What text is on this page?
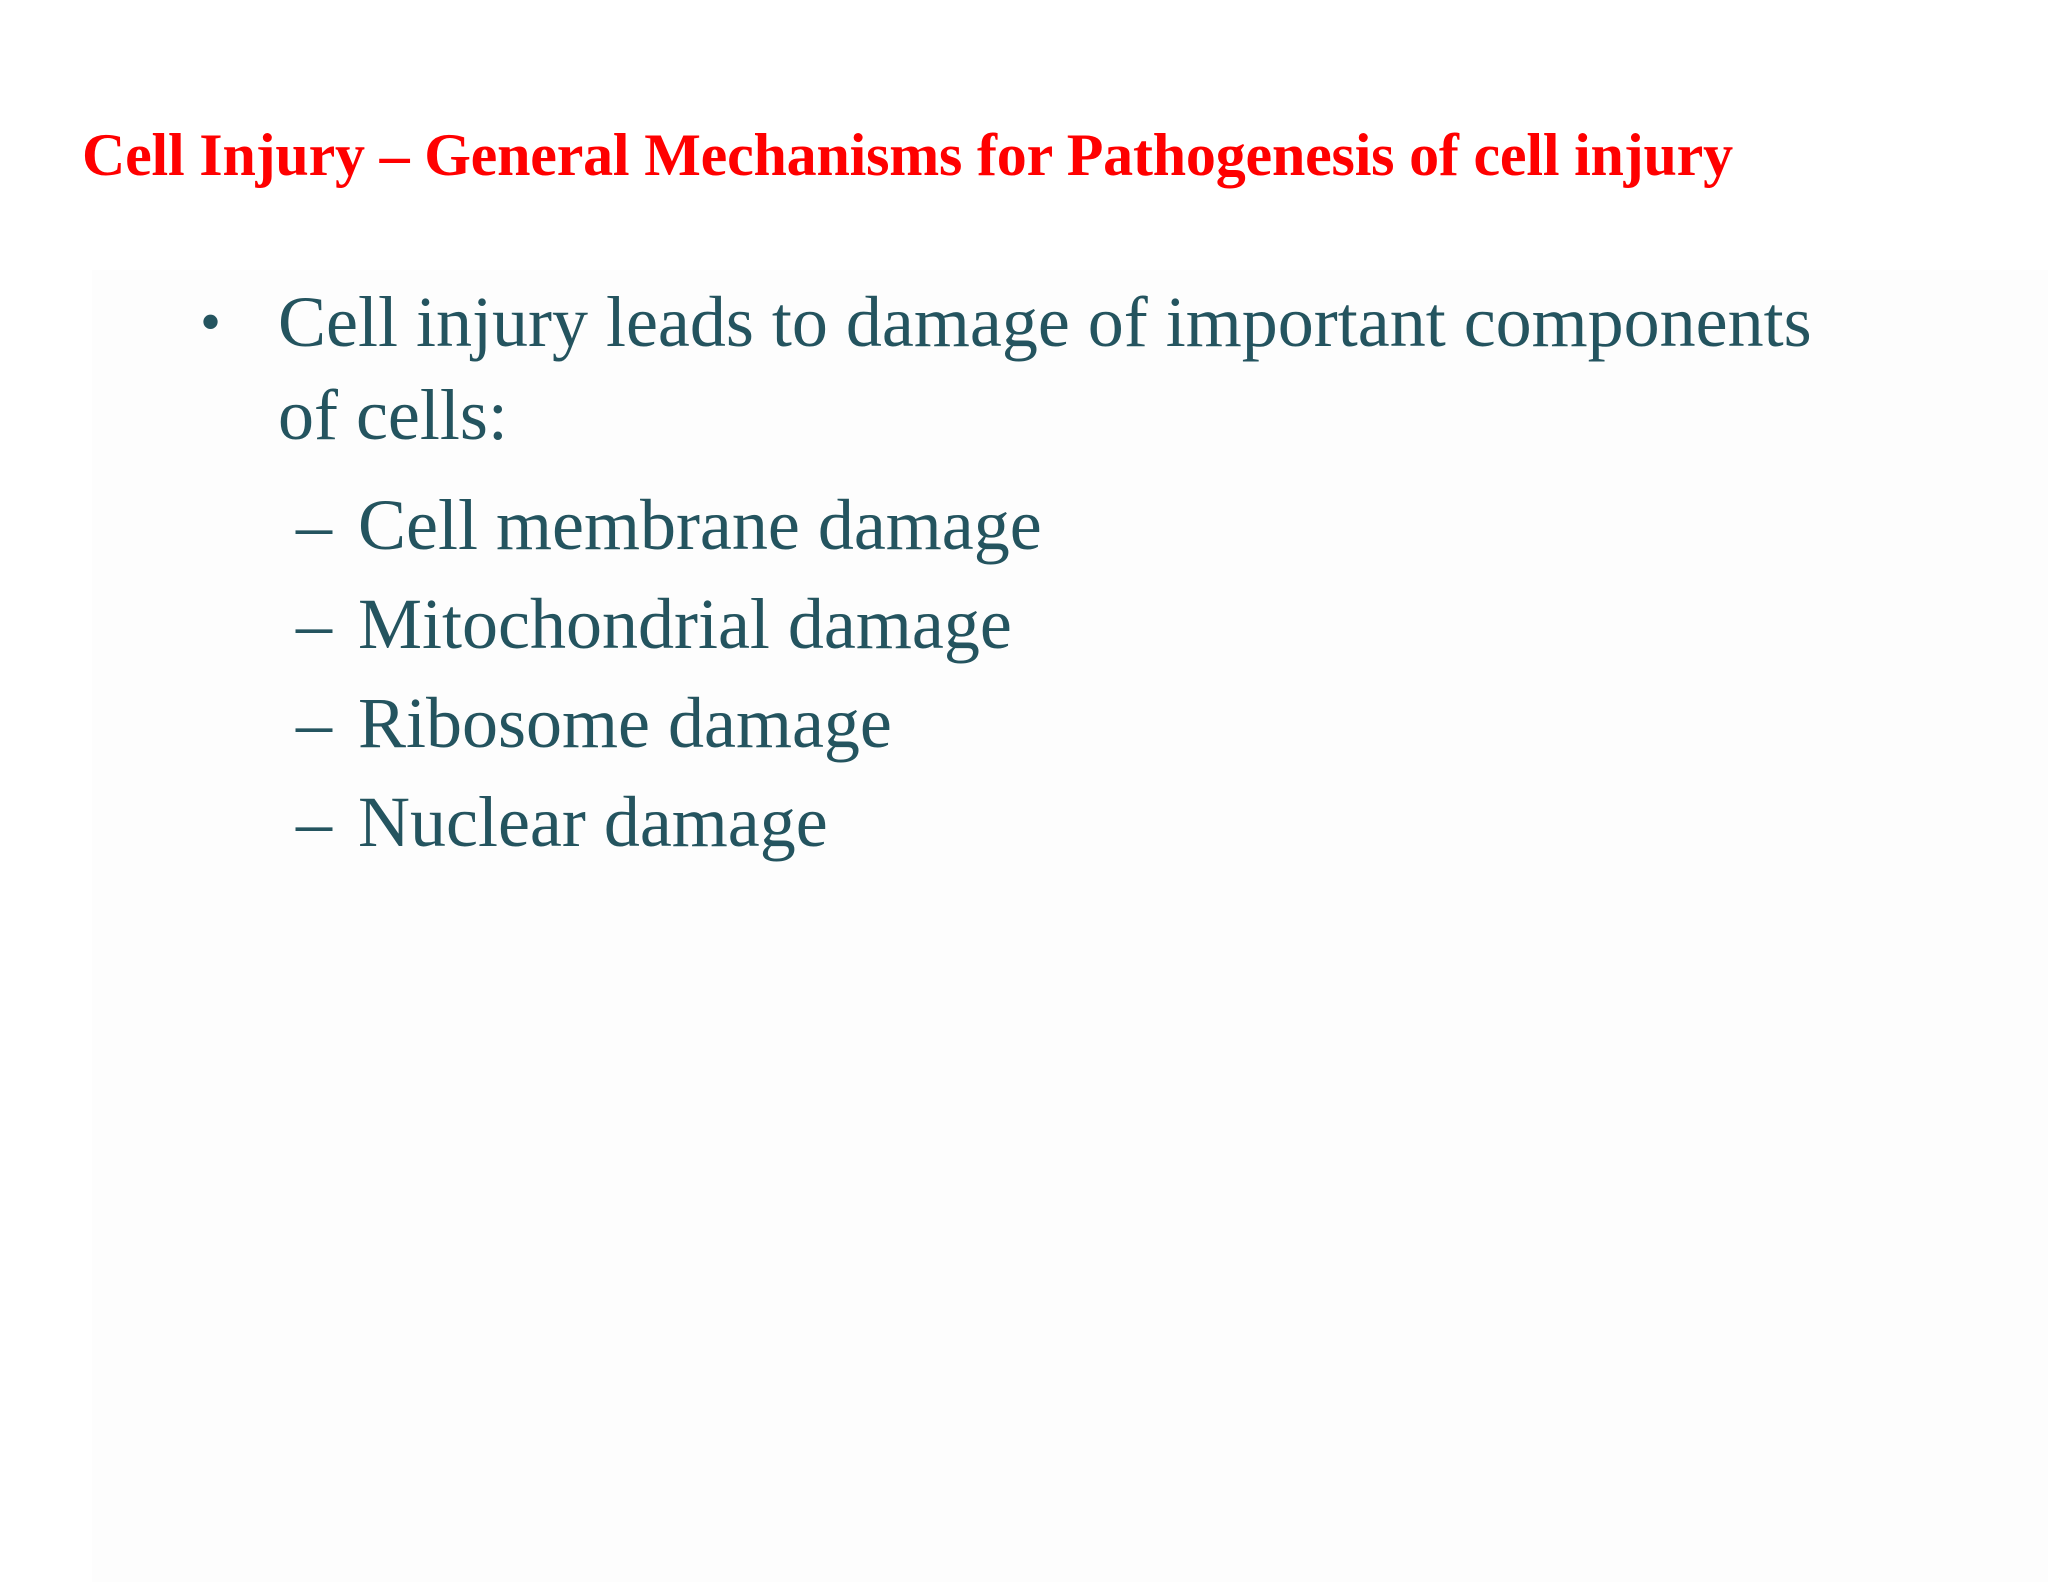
Cell Injury – General Mechanisms for Pathogenesis of cell injury
• Cell injury leads to damage of important components of cells:
– Cell membrane damage
– Mitochondrial damage
– Ribosome damage
– Nuclear damage
